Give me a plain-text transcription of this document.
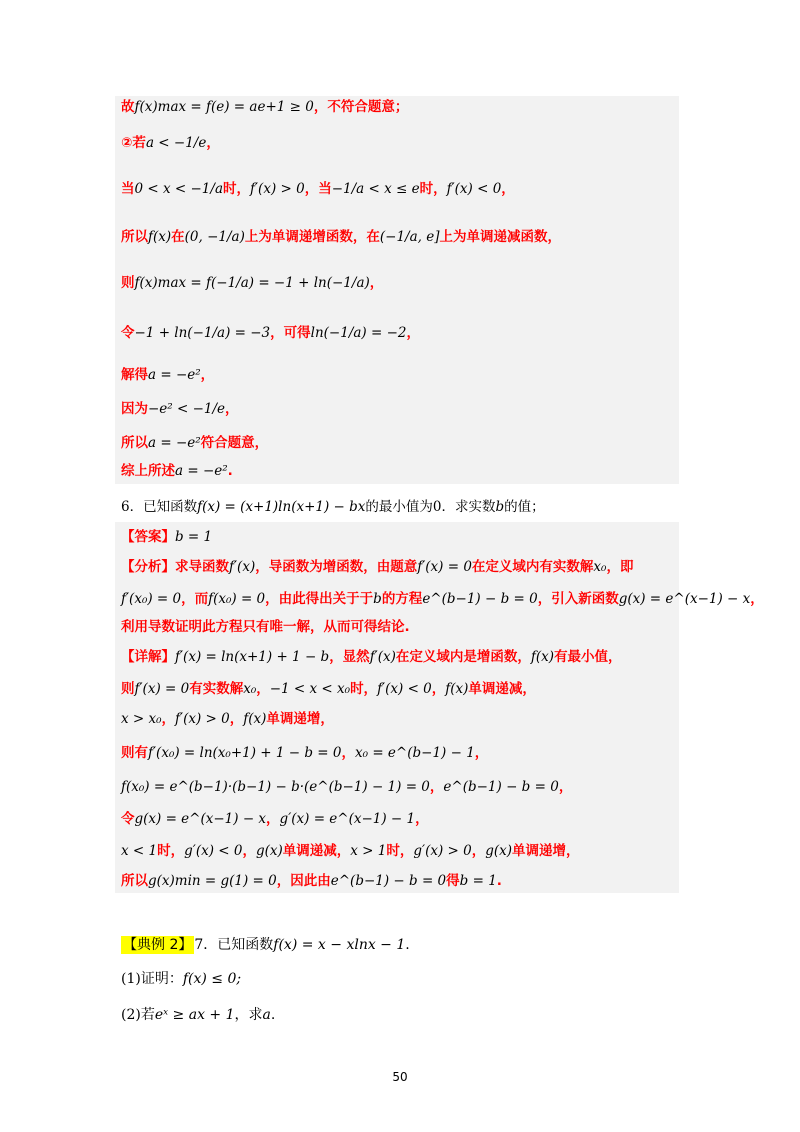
故 f(x)max = f(e) = ae+1 ≥ 0 ，不符合题意；
②若 a < −1/e ，
当 0 < x < −1/a 时， f′(x) > 0 ，当 −1/a < x ≤ e 时， f′(x) < 0 ，
所以 f(x) 在 (0, −1/a) 上为单调递增函数，在 (−1/a, e] 上为单调递减函数，
则 f(x)max = f(−1/a) = −1 + ln(−1/a) ，
令 −1 + ln(−1/a) = −3 ，可得 ln(−1/a) = −2 ，
解得 a = −e² ，
因为 −e² < −1/e ，
所以 a = −e² 符合题意，
综上所述 a = −e² .
6．已知函数 f(x) = (x+1)ln(x+1) − bx 的最小值为0．求实数 b 的值；
【答案】 b = 1
【分析】 求导函数 f′(x) ，导函数为增函数，由题意 f′(x) = 0 在定义域内有实数解 x₀ ，即
f′(x₀) = 0 ，而 f(x₀) = 0 ，由此得出关于于 b 的方程 e^(b−1) − b = 0 ，引入新函数 g(x) = e^(x−1) − x ，
利用导数证明此方程只有唯一解，从而可得结论.
【详解】 f′(x) = ln(x+1) + 1 − b ，显然 f′(x) 在定义域内是增函数， f(x) 有最小值，
则 f′(x) = 0 有实数解 x₀ ， −1 < x < x₀ 时， f′(x) < 0 ， f(x) 单调递减，
x > x₀ ， f′(x) > 0 ， f(x) 单调递增，
则有 f′(x₀) = ln(x₀+1) + 1 − b = 0 ， x₀ = e^(b−1) − 1 ，
f(x₀) = e^(b−1)·(b−1) − b·(e^(b−1) − 1) = 0 ， e^(b−1) − b = 0 ，
令 g(x) = e^(x−1) − x ， g′(x) = e^(x−1) − 1 ，
x < 1 时， g′(x) < 0 ， g(x) 单调递减， x > 1 时， g′(x) > 0 ， g(x) 单调递增，
所以 g(x)min = g(1) = 0 ，因此由 e^(b−1) − b = 0 得 b = 1 .
【典例 2】 7．已知函数f(x) = x − xlnx − 1.
(1)证明：f(x) ≤ 0;
(2)若eˣ ≥ ax + 1，求a.
50
